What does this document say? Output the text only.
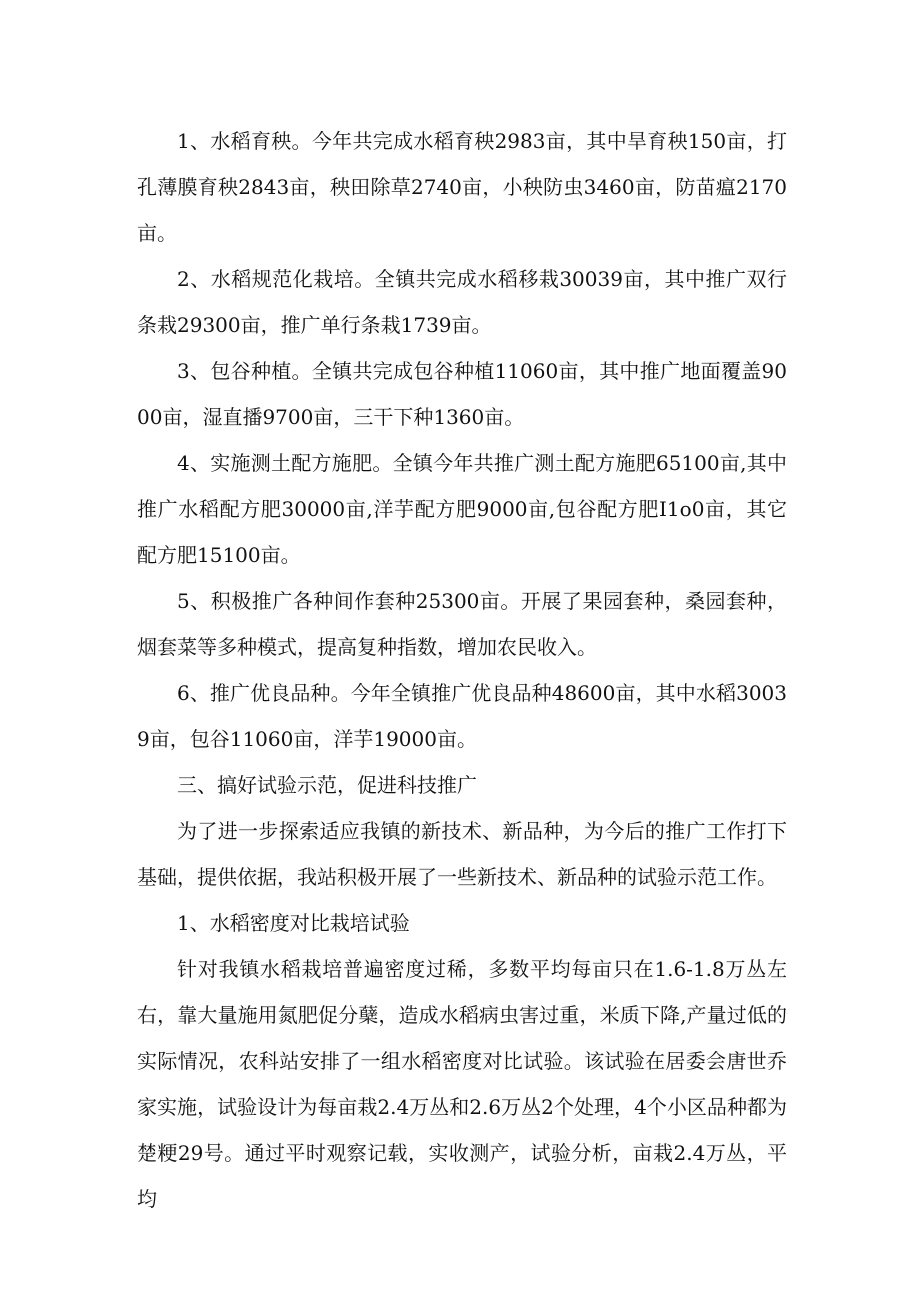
1、水稻育秧。今年共完成水稻育秧2983亩，其中旱育秧150亩，打孔薄膜育秧2843亩，秧田除草2740亩，小秧防虫3460亩，防苗瘟2170亩。

2、水稻规范化栽培。全镇共完成水稻移栽30039亩，其中推广双行条栽29300亩，推广单行条栽1739亩。

3、包谷种植。全镇共完成包谷种植11060亩，其中推广地面覆盖9000亩，湿直播9700亩，三干下种1360亩。

4、实施测土配方施肥。全镇今年共推广测土配方施肥65100亩,其中推广水稻配方肥30000亩,洋芋配方肥9000亩,包谷配方肥I1o0亩，其它配方肥15100亩。

5、积极推广各种间作套种25300亩。开展了果园套种，桑园套种，烟套菜等多种模式，提高复种指数，增加农民收入。

6、推广优良品种。今年全镇推广优良品种48600亩，其中水稻30039亩，包谷11060亩，洋芋19000亩。

三、搞好试验示范，促进科技推广

为了进一步探索适应我镇的新技术、新品种，为今后的推广工作打下基础，提供依据，我站积极开展了一些新技术、新品种的试验示范工作。

1、水稻密度对比栽培试验

针对我镇水稻栽培普遍密度过稀，多数平均每亩只在1.6-1.8万丛左右，靠大量施用氮肥促分蘖，造成水稻病虫害过重，米质下降,产量过低的实际情况，农科站安排了一组水稻密度对比试验。该试验在居委会唐世乔家实施，试验设计为每亩栽2.4万丛和2.6万丛2个处理，4个小区品种都为楚粳29号。通过平时观察记载，实收测产，试验分析，亩栽2.4万丛，平均
